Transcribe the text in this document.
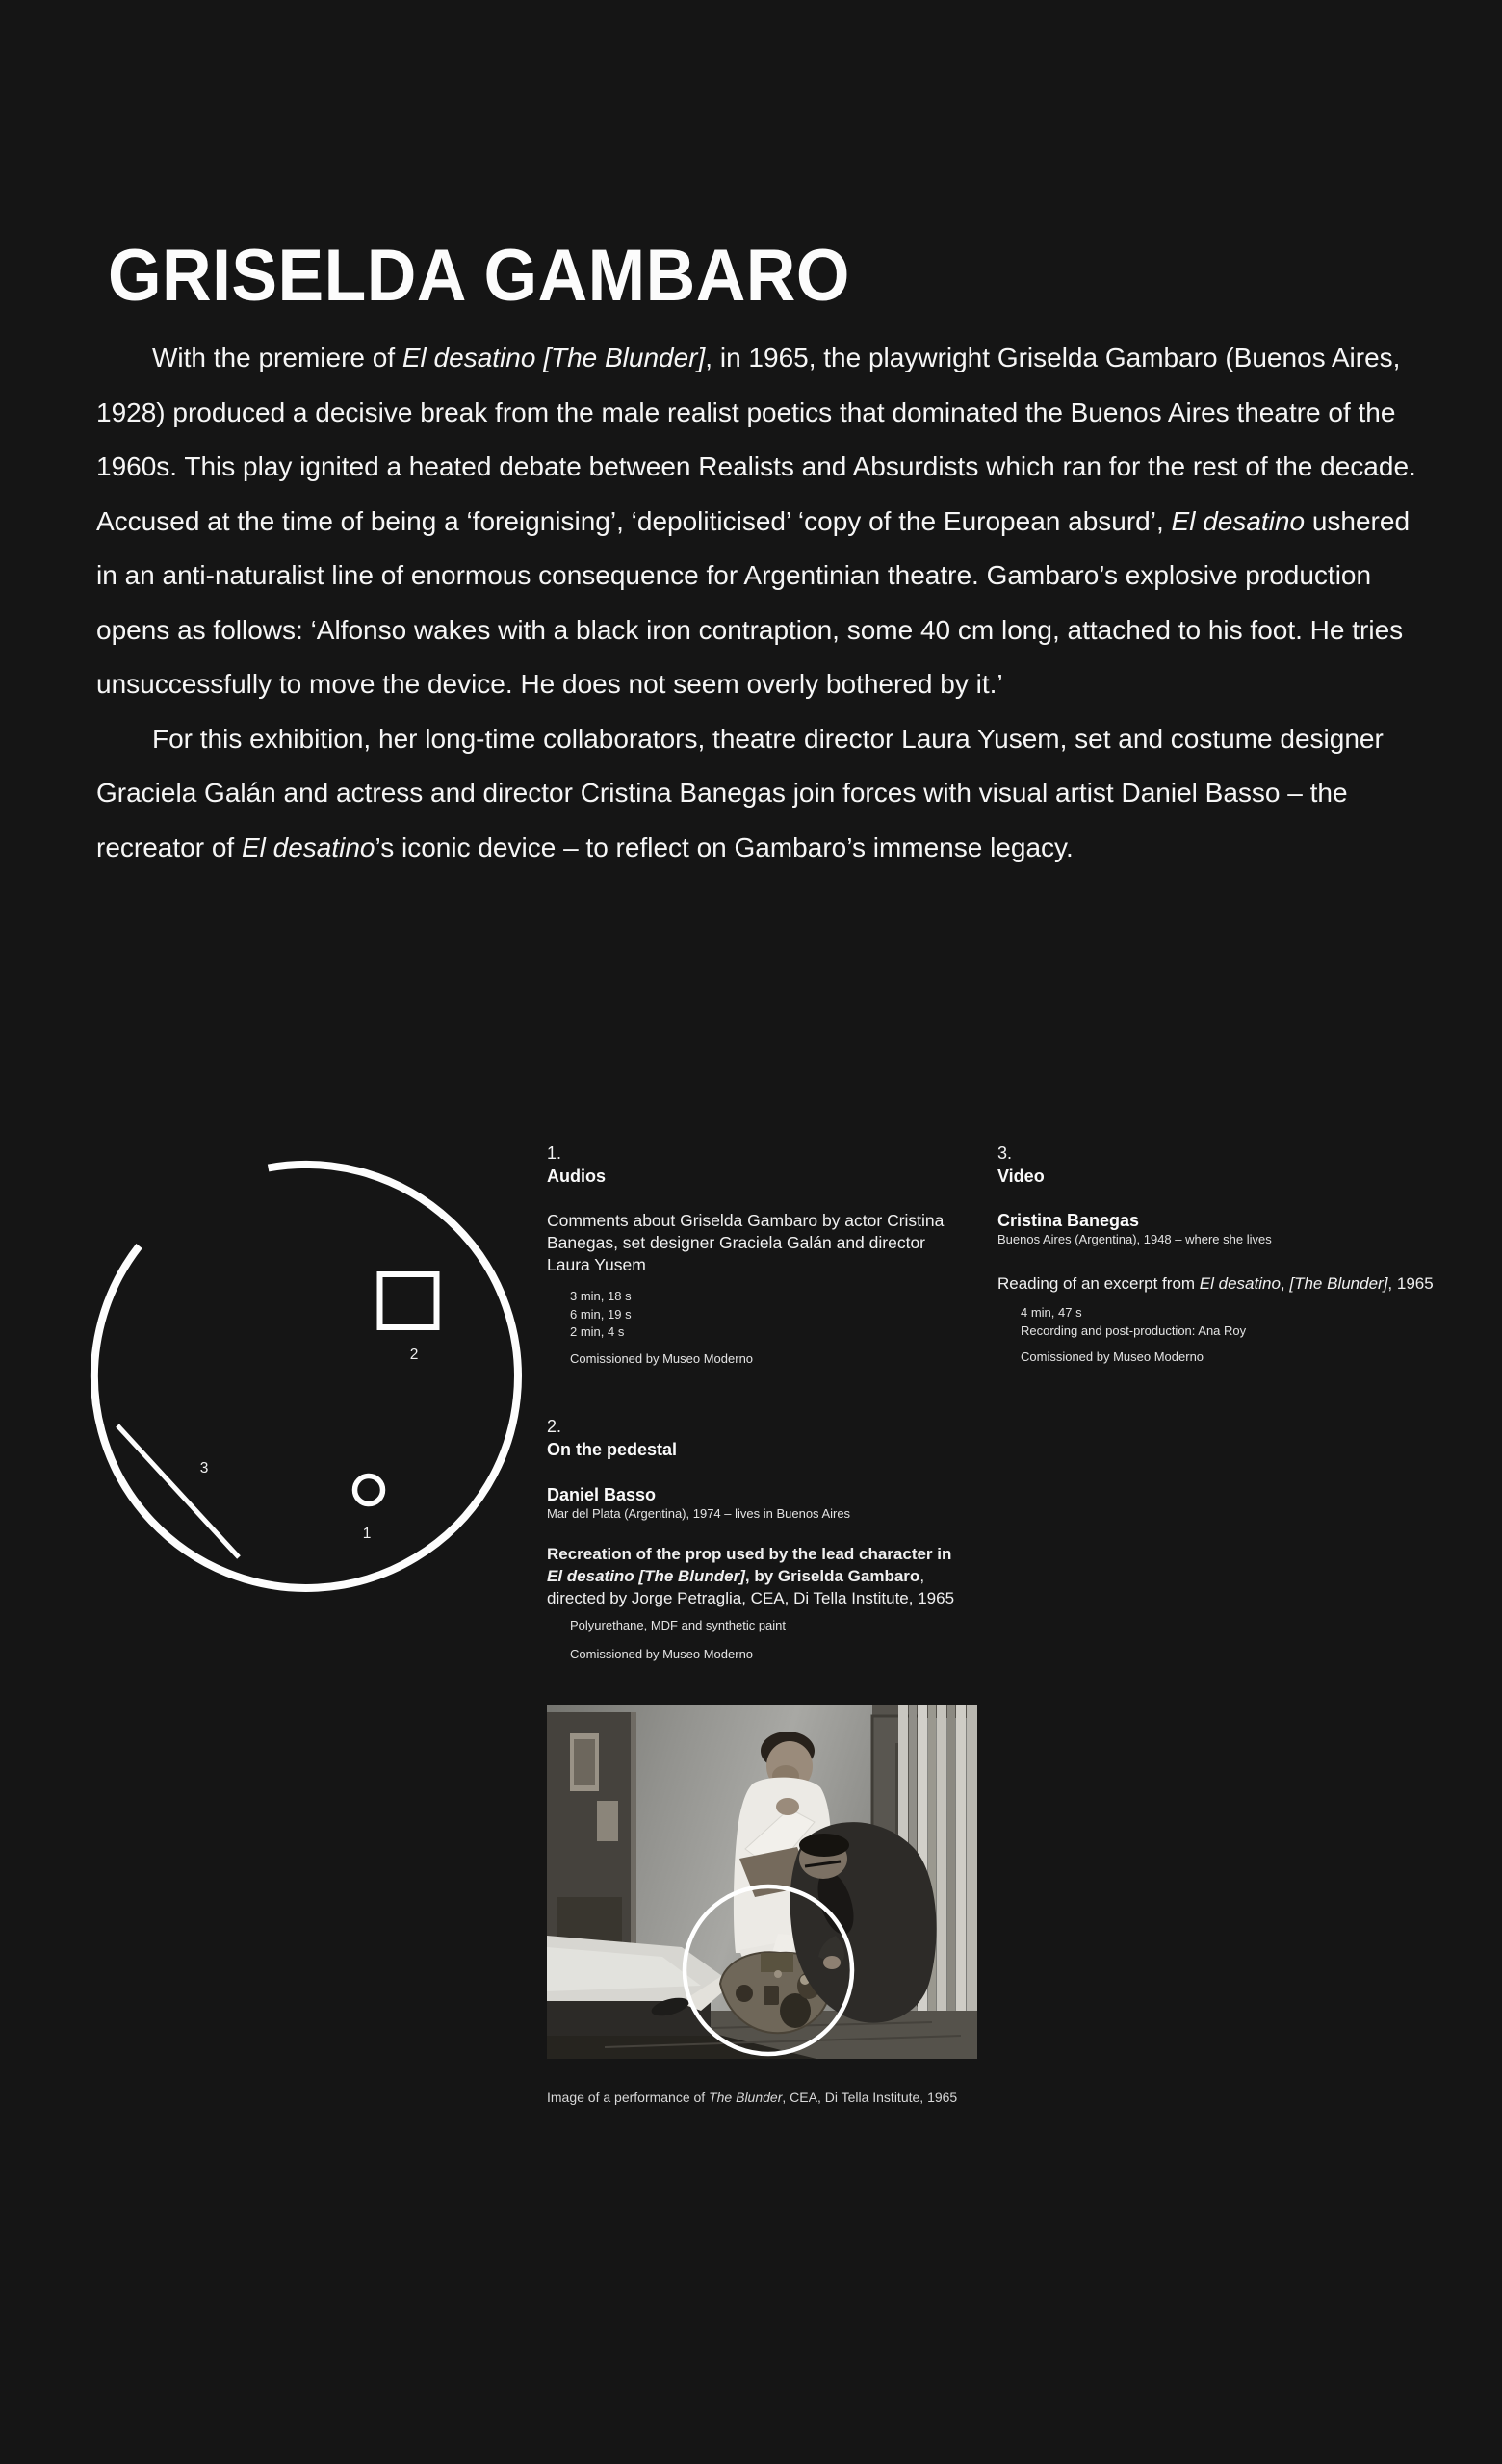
GRISELDA GAMBARO

With the premiere of El desatino [The Blunder], in 1965, the playwright Griselda Gambaro (Buenos Aires, 1928) produced a decisive break from the male realist poetics that dominated the Buenos Aires theatre of the 1960s. This play ignited a heated debate between Realists and Absurdists which ran for the rest of the decade. Accused at the time of being a ‘foreignising’, ‘depoliticised’ ‘copy of the European absurd’, El desatino ushered in an anti-naturalist line of enormous consequence for Argentinian theatre. Gambaro’s explosive production opens as follows: ‘Alfonso wakes with a black iron contraption, some 40 cm long, attached to his foot. He tries unsuccessfully to move the device. He does not seem overly bothered by it.’

For this exhibition, her long-time collaborators, theatre director Laura Yusem, set and costume designer Graciela Galán and actress and director Cristina Banegas join forces with visual artist Daniel Basso – the recreator of El desatino’s iconic device – to reflect on Gambaro’s immense legacy.

2
1
3
1.
Audios
Comments about Griselda Gambaro by actor Cristina Banegas, set designer Graciela Galán and director Laura Yusem
3 min, 18 s
6 min, 19 s
2 min, 4 s
Comissioned by Museo Moderno
3.
Video
Cristina Banegas
Buenos Aires (Argentina), 1948 – where she lives
Reading of an excerpt from El desatino, [The Blunder], 1965
4 min, 47 s
Recording and post-production: Ana Roy
Comissioned by Museo Moderno
2.
On the pedestal
Daniel Basso
Mar del Plata (Argentina), 1974 – lives in Buenos Aires
Recreation of the prop used by the lead character in El desatino [The Blunder], by Griselda Gambaro, directed by Jorge Petraglia, CEA, Di Tella Institute, 1965
Polyurethane, MDF and synthetic paint
Comissioned by Museo Moderno
Image of a performance of The Blunder, CEA, Di Tella Institute, 1965
